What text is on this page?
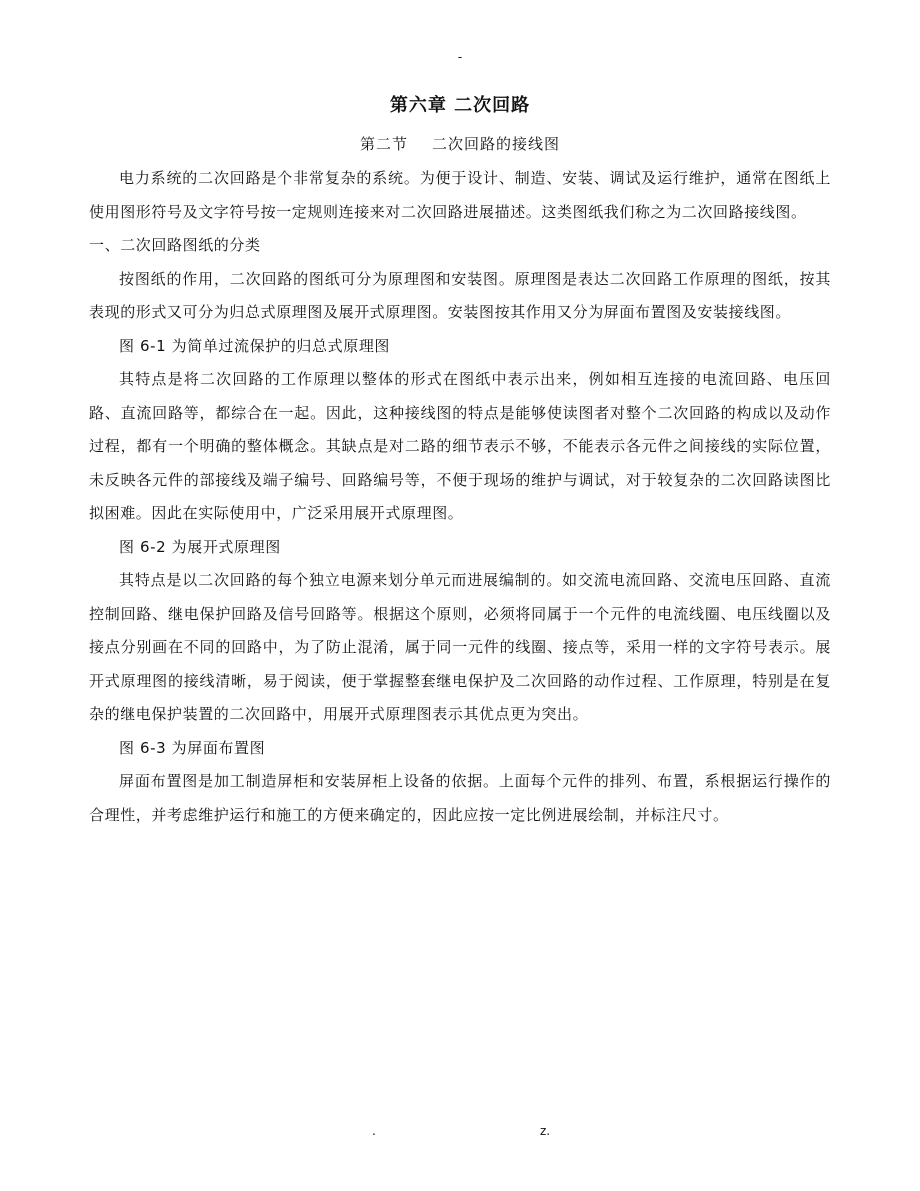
-
第六章 二次回路
第二节 二次回路的接线图

电力系统的二次回路是个非常复杂的系统。为便于设计、制造、安装、调试及运行维护，通常在图纸上使用图形符号及文字符号按一定规则连接来对二次回路进展描述。这类图纸我们称之为二次回路接线图。

一、二次回路图纸的分类

按图纸的作用，二次回路的图纸可分为原理图和安装图。原理图是表达二次回路工作原理的图纸，按其表现的形式又可分为归总式原理图及展开式原理图。安装图按其作用又分为屏面布置图及安装接线图。

图 6-1 为简单过流保护的归总式原理图

其特点是将二次回路的工作原理以整体的形式在图纸中表示出来，例如相互连接的电流回路、电压回路、直流回路等，都综合在一起。因此，这种接线图的特点是能够使读图者对整个二次回路的构成以及动作过程，都有一个明确的整体概念。其缺点是对二路的细节表示不够，不能表示各元件之间接线的实际位置，未反映各元件的部接线及端子编号、回路编号等，不便于现场的维护与调试，对于较复杂的二次回路读图比拟困难。因此在实际使用中，广泛采用展开式原理图。

图 6-2 为展开式原理图

其特点是以二次回路的每个独立电源来划分单元而进展编制的。如交流电流回路、交流电压回路、直流控制回路、继电保护回路及信号回路等。根据这个原则，必须将同属于一个元件的电流线圈、电压线圈以及接点分别画在不同的回路中，为了防止混淆，属于同一元件的线圈、接点等，采用一样的文字符号表示。展开式原理图的接线清晰，易于阅读，便于掌握整套继电保护及二次回路的动作过程、工作原理，特别是在复杂的继电保护装置的二次回路中，用展开式原理图表示其优点更为突出。

图 6-3 为屏面布置图

屏面布置图是加工制造屏柜和安装屏柜上设备的依据。上面每个元件的排列、布置，系根据运行操作的合理性，并考虑维护运行和施工的方便来确定的，因此应按一定比例进展绘制，并标注尺寸。

.	z.
